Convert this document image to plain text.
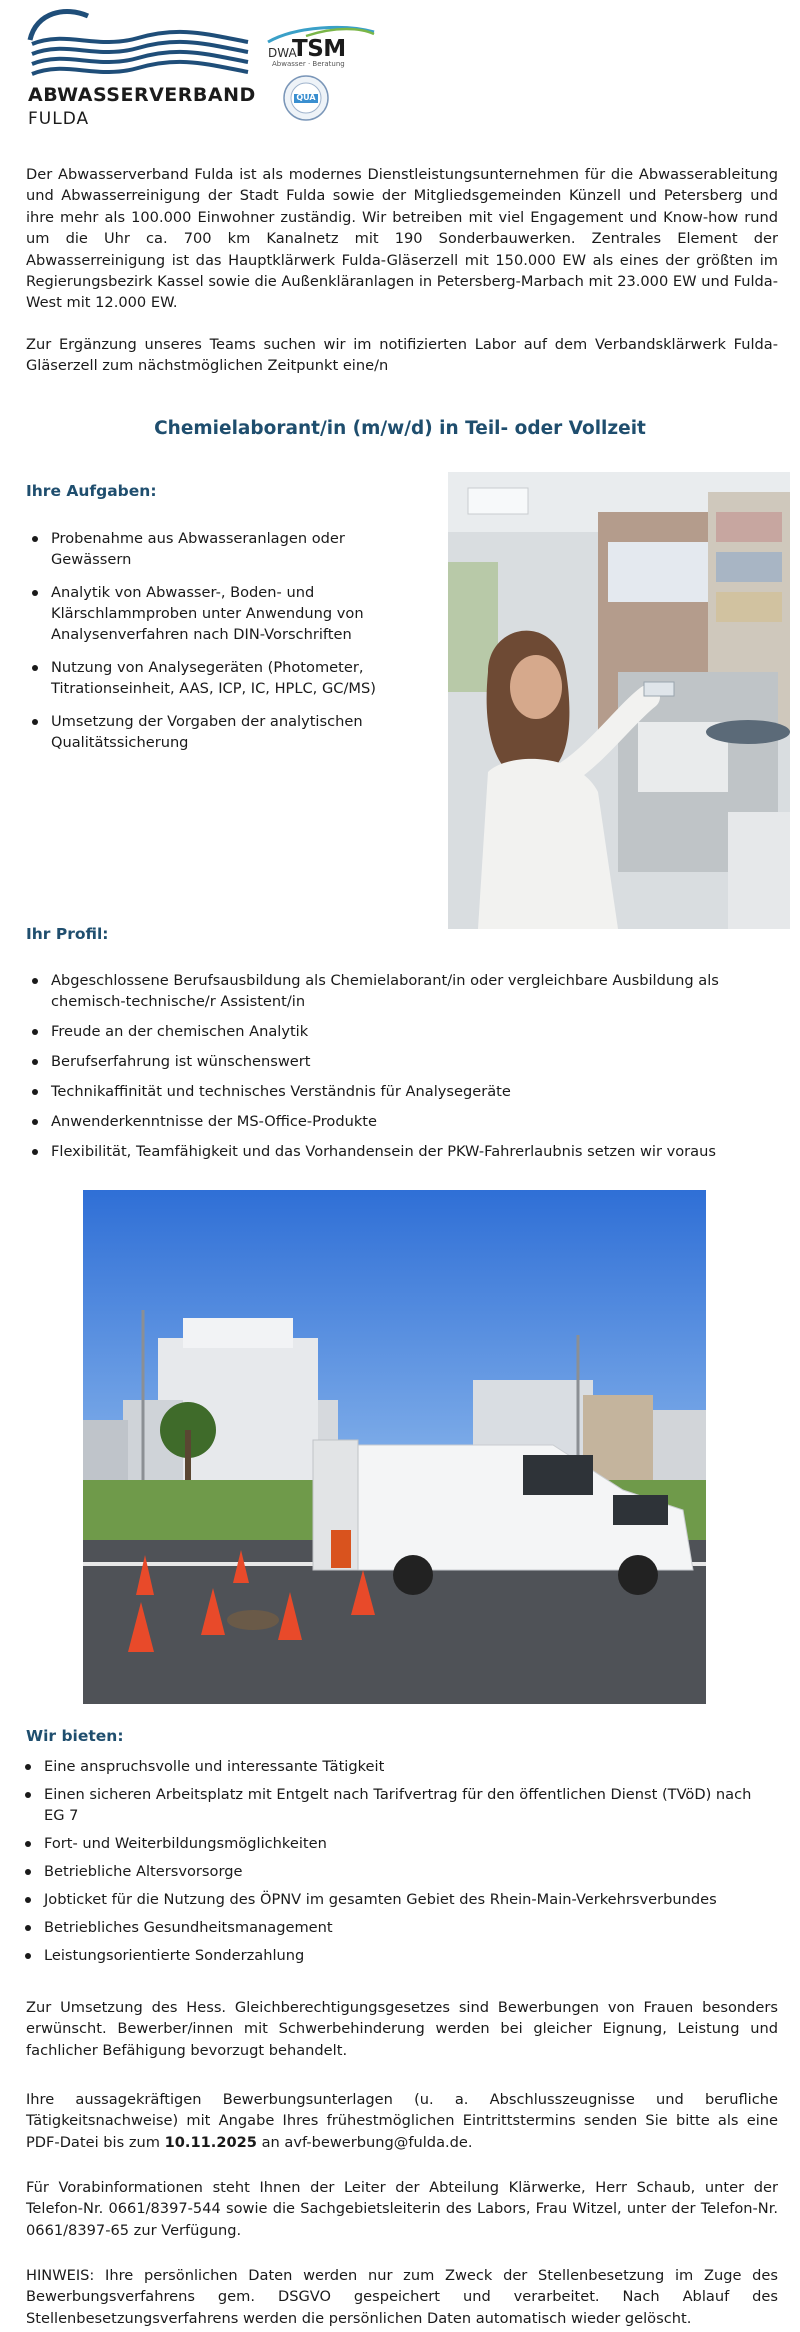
ABWASSERVERBAND
FULDA
DWA
TSM
Abwasser · Beratung
QUA

Der Abwasserverband Fulda ist als modernes Dienstleistungsunternehmen für die Abwasserableitung und Abwasserreinigung der Stadt Fulda sowie der Mitgliedsgemeinden Künzell und Petersberg und ihre mehr als 100.000 Einwohner zuständig. Wir betreiben mit viel Engagement und Know-how rund um die Uhr ca. 700 km Kanalnetz mit 190 Sonderbauwerken. Zentrales Element der Abwasserreinigung ist das Hauptklärwerk Fulda-Gläserzell mit 150.000 EW als eines der größten im Regierungsbezirk Kassel sowie die Außenkläranlagen in Petersberg-Marbach mit 23.000 EW und Fulda-West mit 12.000 EW.

Zur Ergänzung unseres Teams suchen wir im notifizierten Labor auf dem Verbandsklärwerk Fulda-Gläserzell zum nächstmöglichen Zeitpunkt eine/n

Chemielaborant/in (m/w/d) in Teil- oder Vollzeit
Ihre Aufgaben:
Probenahme aus Abwasseranlagen oder Gewässern
Analytik von Abwasser-, Boden- und Klärschlammproben unter Anwendung von Analysenverfahren nach DIN-Vorschriften
Nutzung von Analysegeräten (Photometer, Titrationseinheit, AAS, ICP, IC, HPLC, GC/MS)
Umsetzung der Vorgaben der analytischen Qualitätssicherung
Ihr Profil:
Abgeschlossene Berufsausbildung als Chemielaborant/in oder vergleichbare Ausbildung als chemisch-technische/r Assistent/in
Freude an der chemischen Analytik
Berufserfahrung ist wünschenswert
Technikaffinität und technisches Verständnis für Analysegeräte
Anwenderkenntnisse der MS-Office-Produkte
Flexibilität, Teamfähigkeit und das Vorhandensein der PKW-Fahrerlaubnis setzen wir voraus
Wir bieten:
Eine anspruchsvolle und interessante Tätigkeit
Einen sicheren Arbeitsplatz mit Entgelt nach Tarifvertrag für den öffentlichen Dienst (TVöD) nach EG 7
Fort- und Weiterbildungsmöglichkeiten
Betriebliche Altersvorsorge
Jobticket für die Nutzung des ÖPNV im gesamten Gebiet des Rhein-Main-Verkehrsverbundes
Betriebliches Gesundheitsmanagement
Leistungsorientierte Sonderzahlung

Zur Umsetzung des Hess. Gleichberechtigungsgesetzes sind Bewerbungen von Frauen besonders erwünscht. Bewerber/innen mit Schwerbehinderung werden bei gleicher Eignung, Leistung und fachlicher Befähigung bevorzugt behandelt.

Ihre aussagekräftigen Bewerbungsunterlagen (u. a. Abschlusszeugnisse und berufliche Tätigkeitsnachweise) mit Angabe Ihres frühestmöglichen Eintrittstermins senden Sie bitte als eine PDF-Datei bis zum 10.11.2025 an avf-bewerbung@fulda.de.

Für Vorabinformationen steht Ihnen der Leiter der Abteilung Klärwerke, Herr Schaub, unter der Telefon-Nr. 0661/8397-544 sowie die Sachgebietsleiterin des Labors, Frau Witzel, unter der Telefon-Nr. 0661/8397-65 zur Verfügung.

HINWEIS: Ihre persönlichen Daten werden nur zum Zweck der Stellenbesetzung im Zuge des Bewerbungsverfahrens gem. DSGVO gespeichert und verarbeitet. Nach Ablauf des Stellenbesetzungsverfahrens werden die persönlichen Daten automatisch wieder gelöscht.
